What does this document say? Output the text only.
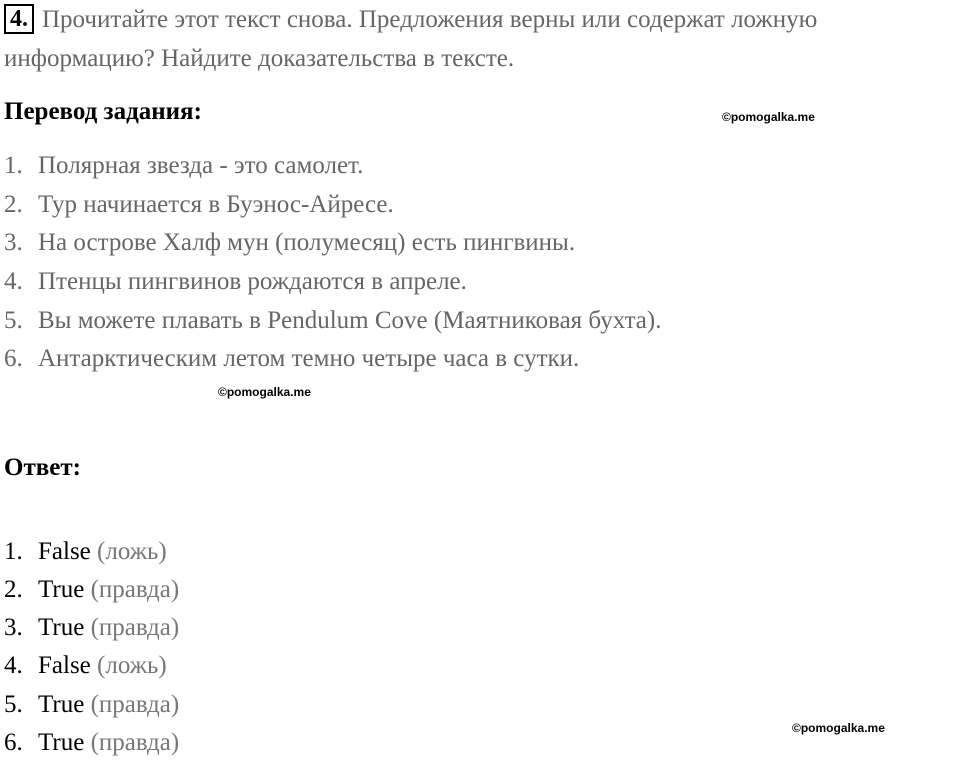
4. Прочитайте этот текст снова. Предложения верны или содержат ложную
информацию? Найдите доказательства в тексте.
Перевод задания:	©pomogalka.me
1. Полярная звезда - это самолет.
2. Тур начинается в Буэнос-Айресе.
3. На острове Халф мун (полумесяц) есть пингвины.
4. Птенцы пингвинов рождаются в апреле.
5. Вы можете плавать в Pendulum Cove (Маятниковая бухта).
6. Антарктическим летом темно четыре часа в сутки.
©pomogalka.me
Ответ:
1. False (ложь)
2. True (правда)
3. True (правда)
4. False (ложь)
5. True (правда)
6. True (правда)
©pomogalka.me
